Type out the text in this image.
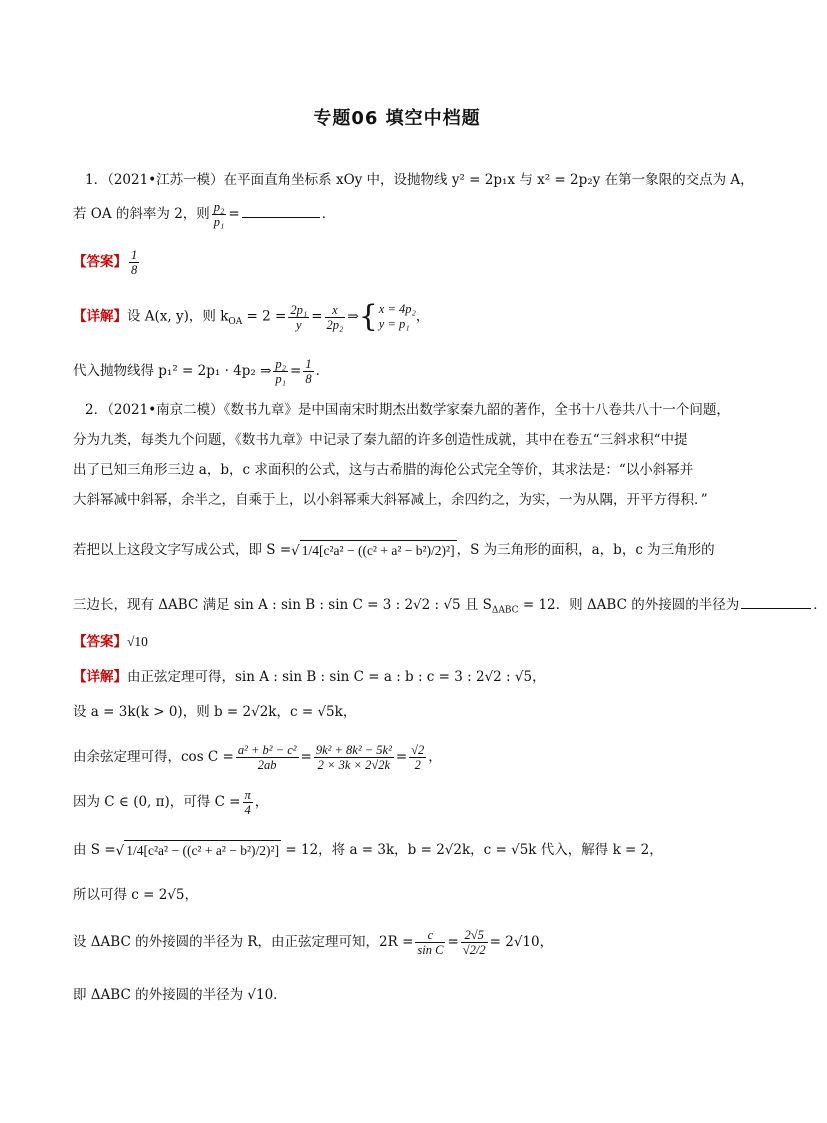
专题06 填空中档题
1．（2021•江苏一模）在平面直角坐标系 xOy 中，设抛物线 y² = 2p₁x 与 x² = 2p₂y 在第一象限的交点为 A，
若 OA 的斜率为 2，则 $\frac{\text{p₂}}{\text{p₁}}$ =	．
【答案】 $\frac{1}{8}$
【详解】设 A(x, y)，则 $k_{OA} = 2 = \frac{\text{2p₁}}{y} = \frac{x}{\text{2p₂}}$ ⇒{ x = 4p₂
y = p₁ ，
代入抛物线得 p₁² = 2p₁ · 4p₂ ⇒ $\frac{\text{p₂}}{\text{p₁}} = \frac{1}{8}$ ．
2．（2021•南京二模）《数书九章》是中国南宋时期杰出数学家秦九韶的著作，全书十八卷共八十一个问题，
分为九类，每类九个问题，《数书九章》中记录了秦九韶的许多创造性成就，其中在卷五“三斜求积“中提
出了已知三角形三边 a，b，c 求面积的公式，这与古希腊的海伦公式完全等价，其求法是：“以小斜幂并
大斜幂减中斜幂，余半之，自乘于上，以小斜幂乘大斜幂减上，余四约之，为实，一为从隅，开平方得积．”
若把以上这段文字写成公式，即 S =√ 1/4[c²a² − ((c² + a² − b²)/2)²] ，S 为三角形的面积，a，b，c 为三角形的
三边长，现有 ΔABC 满足 sin A : sin B : sin C = 3 : 2√2 : √5 且 $S_{\Delta ABC} = 12$．则 ΔABC 的外接圆的半径为	．
【答案】√10
【详解】由正弦定理可得，sin A : sin B : sin C = a : b : c = 3 : 2√2 : √5，
设 a = 3k(k > 0)，则 b = 2√2k，c = √5k，
由余弦定理可得，$\cos C = \frac{\text{a² + b² − c²}}{2ab} = \frac{\text{9k² + 8k² − 5k²}}{2 \times 3k \times 2√2k} = \frac{√2}{2}$ ，
因为 C ∈ (0, π)，可得 $C = \frac{\pi}{4}$ ，
由 S =√ 1/4[c²a² − ((c² + a² − b²)/2)²] = 12，将 a = 3k，b = 2√2k，c = √5k 代入，解得 k = 2，
所以可得 c = 2√5，
设 ΔABC 的外接圆的半径为 R，由正弦定理可知，$2R = \frac{c}{\text{sin C}} = \frac{2√5}{√2/2} = 2√10$，
即 ΔABC 的外接圆的半径为 √10．
